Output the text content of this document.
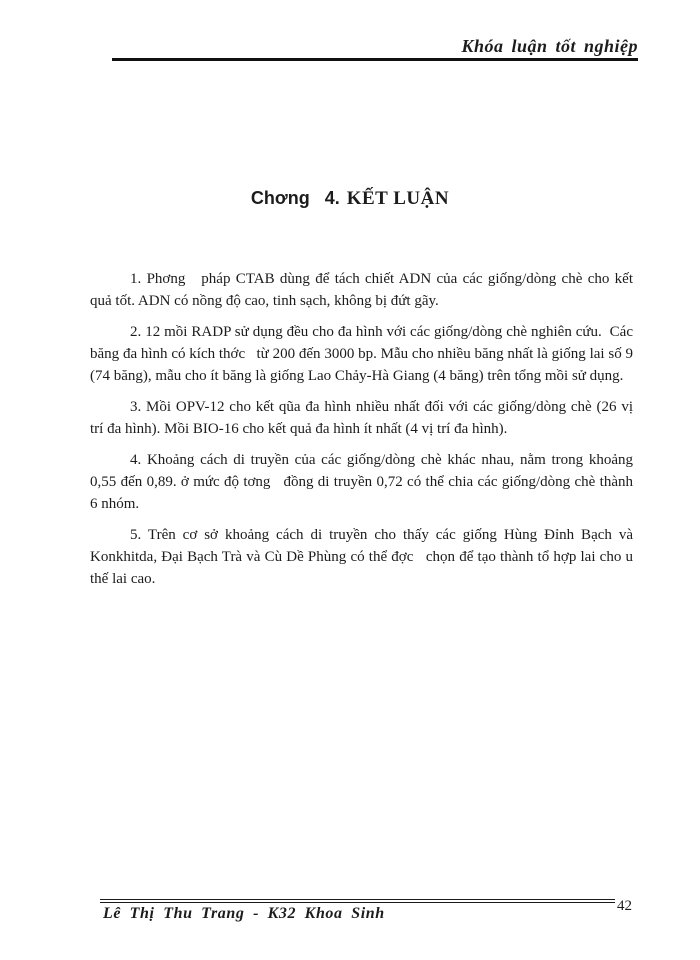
Khóa luận tốt nghiệp
Chơng   4. KẾT LUẬN

1. Phơng   pháp CTAB dùng để tách chiết ADN của các giống/dòng chè cho kết quả tốt. ADN có nồng độ cao, tinh sạch, không bị đứt gãy.

2. 12 mồi RADP sử dụng đều cho đa hình với các giống/dòng chè nghiên cứu.  Các băng đa hình có kích thớc   từ 200 đến 3000 bp. Mẫu cho nhiều băng nhất là giống lai số 9 (74 băng), mẫu cho ít băng là giống Lao Chảy-Hà Giang (4 băng) trên tổng mồi sử dụng.

3. Mồi OPV-12 cho kết qũa đa hình nhiều nhất đối với các giống/dòng chè (26 vị trí đa hình). Mồi BIO-16 cho kết quả đa hình ít nhất (4 vị trí đa hình).

4. Khoảng cách di truyền của các giống/dòng chè khác nhau, nằm trong khoảng 0,55 đến 0,89. ở mức độ tơng   đồng di truyền 0,72 có thể chia các giống/dòng chè thành 6 nhóm.

5. Trên cơ sở khoảng cách di truyền cho thấy các giống Hùng Đỉnh Bạch và Konkhitda, Đại Bạch Trà và Cù Dề Phùng có thể đợc   chọn để tạo thành tổ hợp lai cho u   thế lai cao.

Lê Thị Thu Trang - K32 Khoa Sinh	42
